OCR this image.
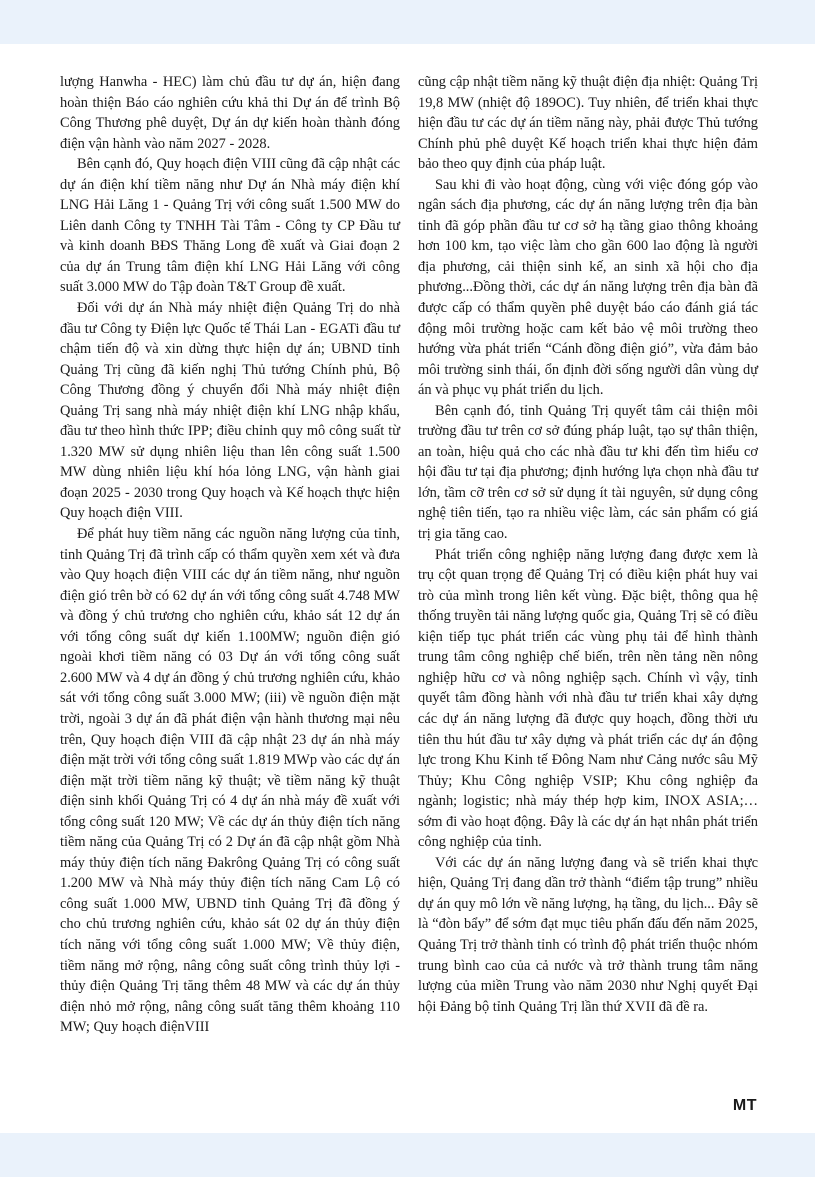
lượng Hanwha - HEC) làm chủ đầu tư dự án, hiện đang hoàn thiện Báo cáo nghiên cứu khả thi Dự án để trình Bộ Công Thương phê duyệt, Dự án dự kiến hoàn thành đóng điện vận hành vào năm 2027 - 2028.

Bên cạnh đó, Quy hoạch điện VIII cũng đã cập nhật các dự án điện khí tiềm năng như Dự án Nhà máy điện khí LNG Hải Lăng 1 - Quảng Trị với công suất 1.500 MW do Liên danh Công ty TNHH Tài Tâm - Công ty CP Đầu tư và kinh doanh BĐS Thăng Long đề xuất và Giai đoạn 2 của dự án Trung tâm điện khí LNG Hải Lăng với công suất 3.000 MW do Tập đoàn T&T Group đề xuất.

Đối với dự án Nhà máy nhiệt điện Quảng Trị do nhà đầu tư Công ty Điện lực Quốc tế Thái Lan - EGATi đầu tư chậm tiến độ và xin dừng thực hiện dự án; UBND tỉnh Quảng Trị cũng đã kiến nghị Thủ tướng Chính phủ, Bộ Công Thương đồng ý chuyển đổi Nhà máy nhiệt điện Quảng Trị sang nhà máy nhiệt điện khí LNG nhập khẩu, đầu tư theo hình thức IPP; điều chỉnh quy mô công suất từ 1.320 MW sử dụng nhiên liệu than lên công suất 1.500 MW dùng nhiên liệu khí hóa lỏng LNG, vận hành giai đoạn 2025 - 2030 trong Quy hoạch và Kế hoạch thực hiện Quy hoạch điện VIII.

Để phát huy tiềm năng các nguồn năng lượng của tỉnh, tỉnh Quảng Trị đã trình cấp có thẩm quyền xem xét và đưa vào Quy hoạch điện VIII các dự án tiềm năng, như nguồn điện gió trên bờ có 62 dự án với tổng công suất 4.748 MW và đồng ý chủ trương cho nghiên cứu, khảo sát 12 dự án với tổng công suất dự kiến 1.100MW; nguồn điện gió ngoài khơi tiềm năng có 03 Dự án với tổng công suất 2.600 MW và 4 dự án đồng ý chủ trương nghiên cứu, khảo sát với tổng công suất 3.000 MW; (iii) về nguồn điện mặt trời, ngoài 3 dự án đã phát điện vận hành thương mại nêu trên, Quy hoạch điện VIII đã cập nhật 23 dự án nhà máy điện mặt trời với tổng công suất 1.819 MWp vào các dự án điện mặt trời tiềm năng kỹ thuật; về tiềm năng kỹ thuật điện sinh khối Quảng Trị có 4 dự án nhà máy đề xuất với tổng công suất 120 MW; Về các dự án thủy điện tích năng tiềm năng của Quảng Trị có 2 Dự án đã cập nhật gồm Nhà máy thủy điện tích năng Đakrông Quảng Trị có công suất 1.200 MW và Nhà máy thủy điện tích năng Cam Lộ có công suất 1.000 MW, UBND tỉnh Quảng Trị đã đồng ý cho chủ trương nghiên cứu, khảo sát 02 dự án thủy điện tích năng với tổng công suất 1.000 MW; Về thủy điện, tiềm năng mở rộng, nâng công suất công trình thủy lợi - thủy điện Quảng Trị tăng thêm 48 MW và các dự án thủy điện nhỏ mở rộng, nâng công suất tăng thêm khoảng 110 MW; Quy hoạch điệnVIII

cũng cập nhật tiềm năng kỹ thuật điện địa nhiệt: Quảng Trị 19,8 MW (nhiệt độ 189OC). Tuy nhiên, để triển khai thực hiện đầu tư các dự án tiềm năng này, phải được Thủ tướng Chính phủ phê duyệt Kế hoạch triển khai thực hiện đảm bảo theo quy định của pháp luật.

Sau khi đi vào hoạt động, cùng với việc đóng góp vào ngân sách địa phương, các dự án năng lượng trên địa bàn tỉnh đã góp phần đầu tư cơ sở hạ tầng giao thông khoảng hơn 100 km, tạo việc làm cho gần 600 lao động là người địa phương, cải thiện sinh kế, an sinh xã hội cho địa phương...Đồng thời, các dự án năng lượng trên địa bàn đã được cấp có thẩm quyền phê duyệt báo cáo đánh giá tác động môi trường hoặc cam kết bảo vệ môi trường theo hướng vừa phát triển “Cánh đồng điện gió”, vừa đảm bảo môi trường sinh thái, ổn định đời sống người dân vùng dự án và phục vụ phát triển du lịch.

Bên cạnh đó, tỉnh Quảng Trị quyết tâm cải thiện môi trường đầu tư trên cơ sở đúng pháp luật, tạo sự thân thiện, an toàn, hiệu quả cho các nhà đầu tư khi đến tìm hiểu cơ hội đầu tư tại địa phương; định hướng lựa chọn nhà đầu tư lớn, tầm cỡ trên cơ sở sử dụng ít tài nguyên, sử dụng công nghệ tiên tiến, tạo ra nhiều việc làm, các sản phẩm có giá trị gia tăng cao.

Phát triển công nghiệp năng lượng đang được xem là trụ cột quan trọng để Quảng Trị có điều kiện phát huy vai trò của mình trong liên kết vùng. Đặc biệt, thông qua hệ thống truyền tải năng lượng quốc gia, Quảng Trị sẽ có điều kiện tiếp tục phát triển các vùng phụ tải để hình thành trung tâm công nghiệp chế biến, trên nền tảng nền nông nghiệp hữu cơ và nông nghiệp sạch. Chính vì vậy, tỉnh quyết tâm đồng hành với nhà đầu tư triển khai xây dựng các dự án năng lượng đã được quy hoạch, đồng thời ưu tiên thu hút đầu tư xây dựng và phát triển các dự án động lực trong Khu Kinh tế Đông Nam như Cảng nước sâu Mỹ Thủy; Khu Công nghiệp VSIP; Khu công nghiệp đa ngành; logistic; nhà máy thép hợp kim, INOX ASIA;…sớm đi vào hoạt động. Đây là các dự án hạt nhân phát triển công nghiệp của tỉnh.

Với các dự án năng lượng đang và sẽ triển khai thực hiện, Quảng Trị đang dần trở thành “điểm tập trung” nhiều dự án quy mô lớn về năng lượng, hạ tầng, du lịch... Đây sẽ là “đòn bẩy” để sớm đạt mục tiêu phấn đấu đến năm 2025, Quảng Trị trở thành tỉnh có trình độ phát triển thuộc nhóm trung bình cao của cả nước và trở thành trung tâm năng lượng của miền Trung vào năm 2030 như Nghị quyết Đại hội Đảng bộ tỉnh Quảng Trị lần thứ XVII đã đề ra.

MT
